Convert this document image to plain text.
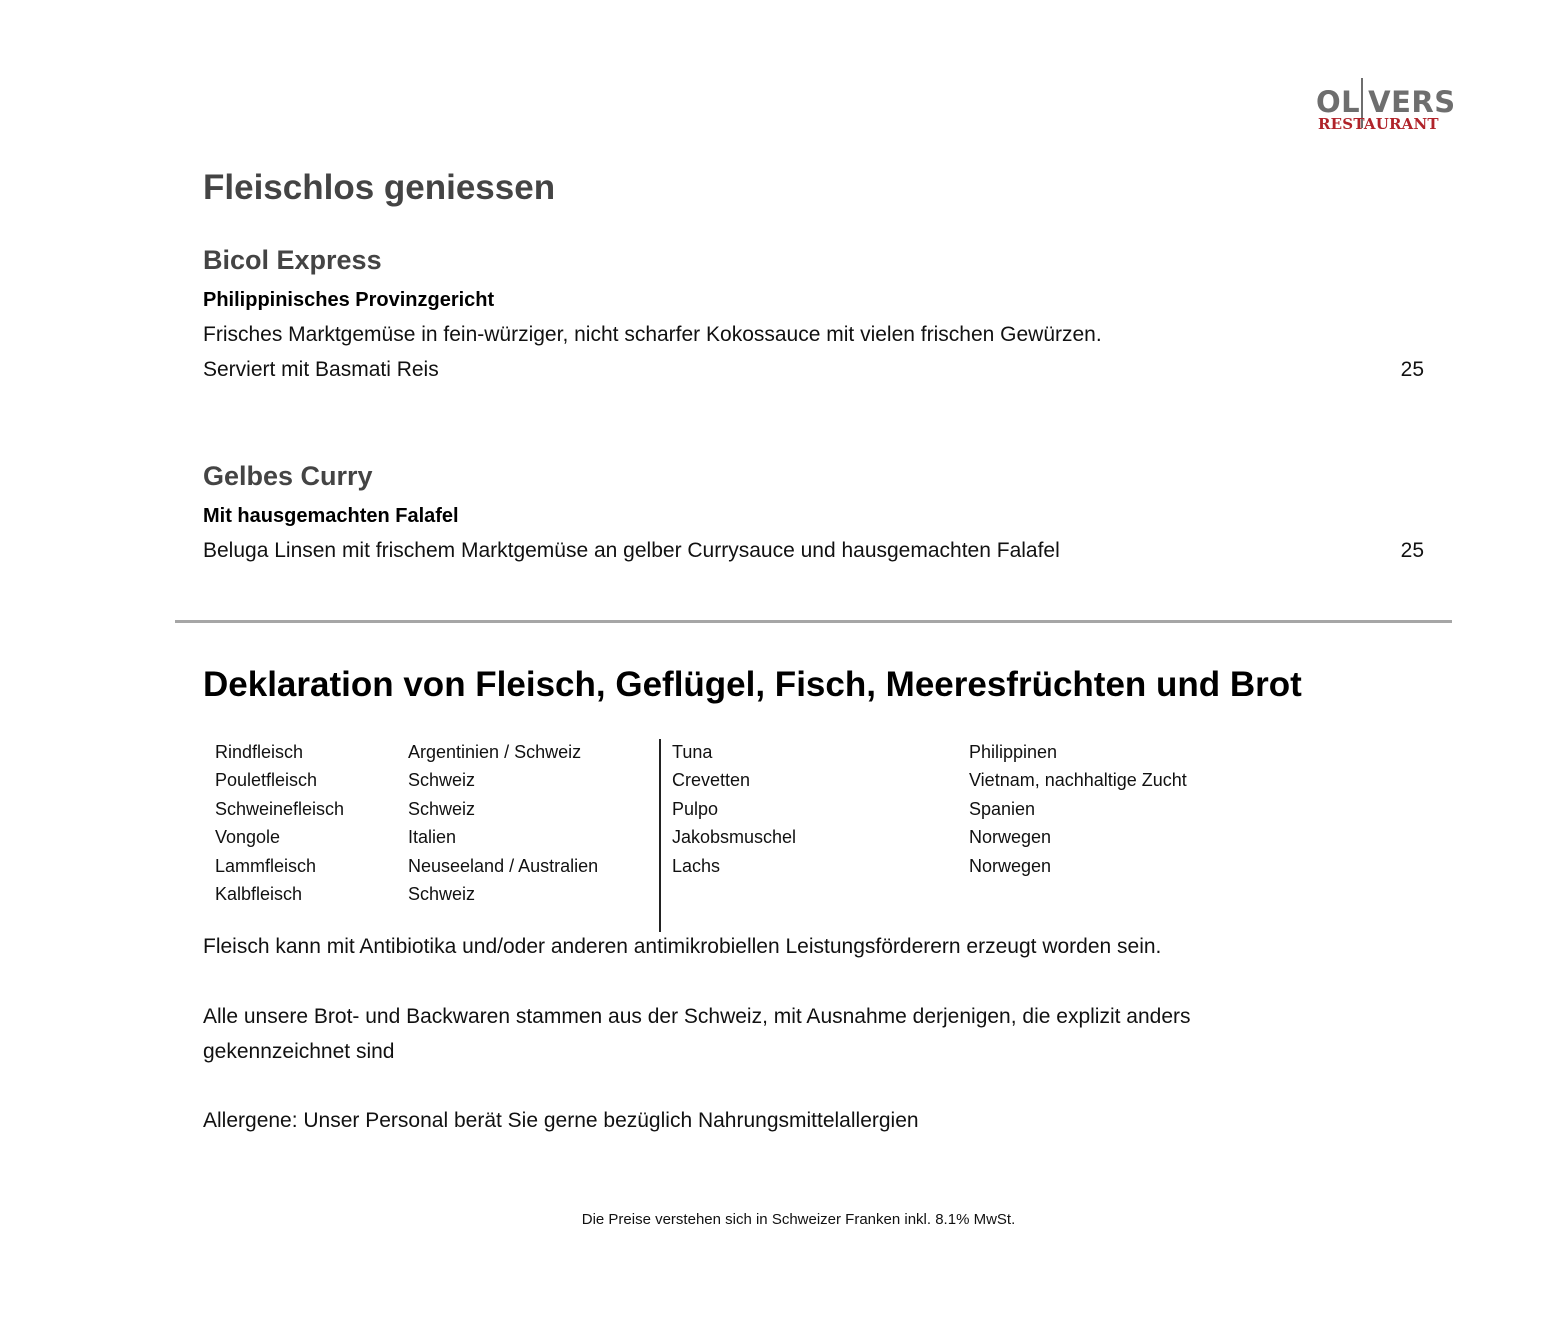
OL VERS
RESTAURANT
Fleischlos geniessen
Bicol Express
Philippinisches Provinzgericht
Frisches Marktgemüse in fein-würziger, nicht scharfer Kokossauce mit vielen frischen Gewürzen.
Serviert mit Basmati Reis	25
Gelbes Curry
Mit hausgemachten Falafel
Beluga Linsen mit frischem Marktgemüse an gelber Currysauce und hausgemachten Falafel	25
Deklaration von Fleisch, Geflügel, Fisch, Meeresfrüchten und Brot
Rindfleisch	Argentinien / Schweiz
Pouletfleisch	Schweiz
Schweinefleisch	Schweiz
Vongole	Italien
Lammfleisch	Neuseeland / Australien
Kalbfleisch	Schweiz
Tuna	Philippinen
Crevetten	Vietnam, nachhaltige Zucht
Pulpo	Spanien
Jakobsmuschel	Norwegen
Lachs	Norwegen
Fleisch kann mit Antibiotika und/oder anderen antimikrobiellen Leistungsförderern erzeugt worden sein.
Alle unsere Brot- und Backwaren stammen aus der Schweiz, mit Ausnahme derjenigen, die explizit anders
gekennzeichnet sind
Allergene: Unser Personal berät Sie gerne bezüglich Nahrungsmittelallergien
Die Preise verstehen sich in Schweizer Franken inkl. 8.1% MwSt.
